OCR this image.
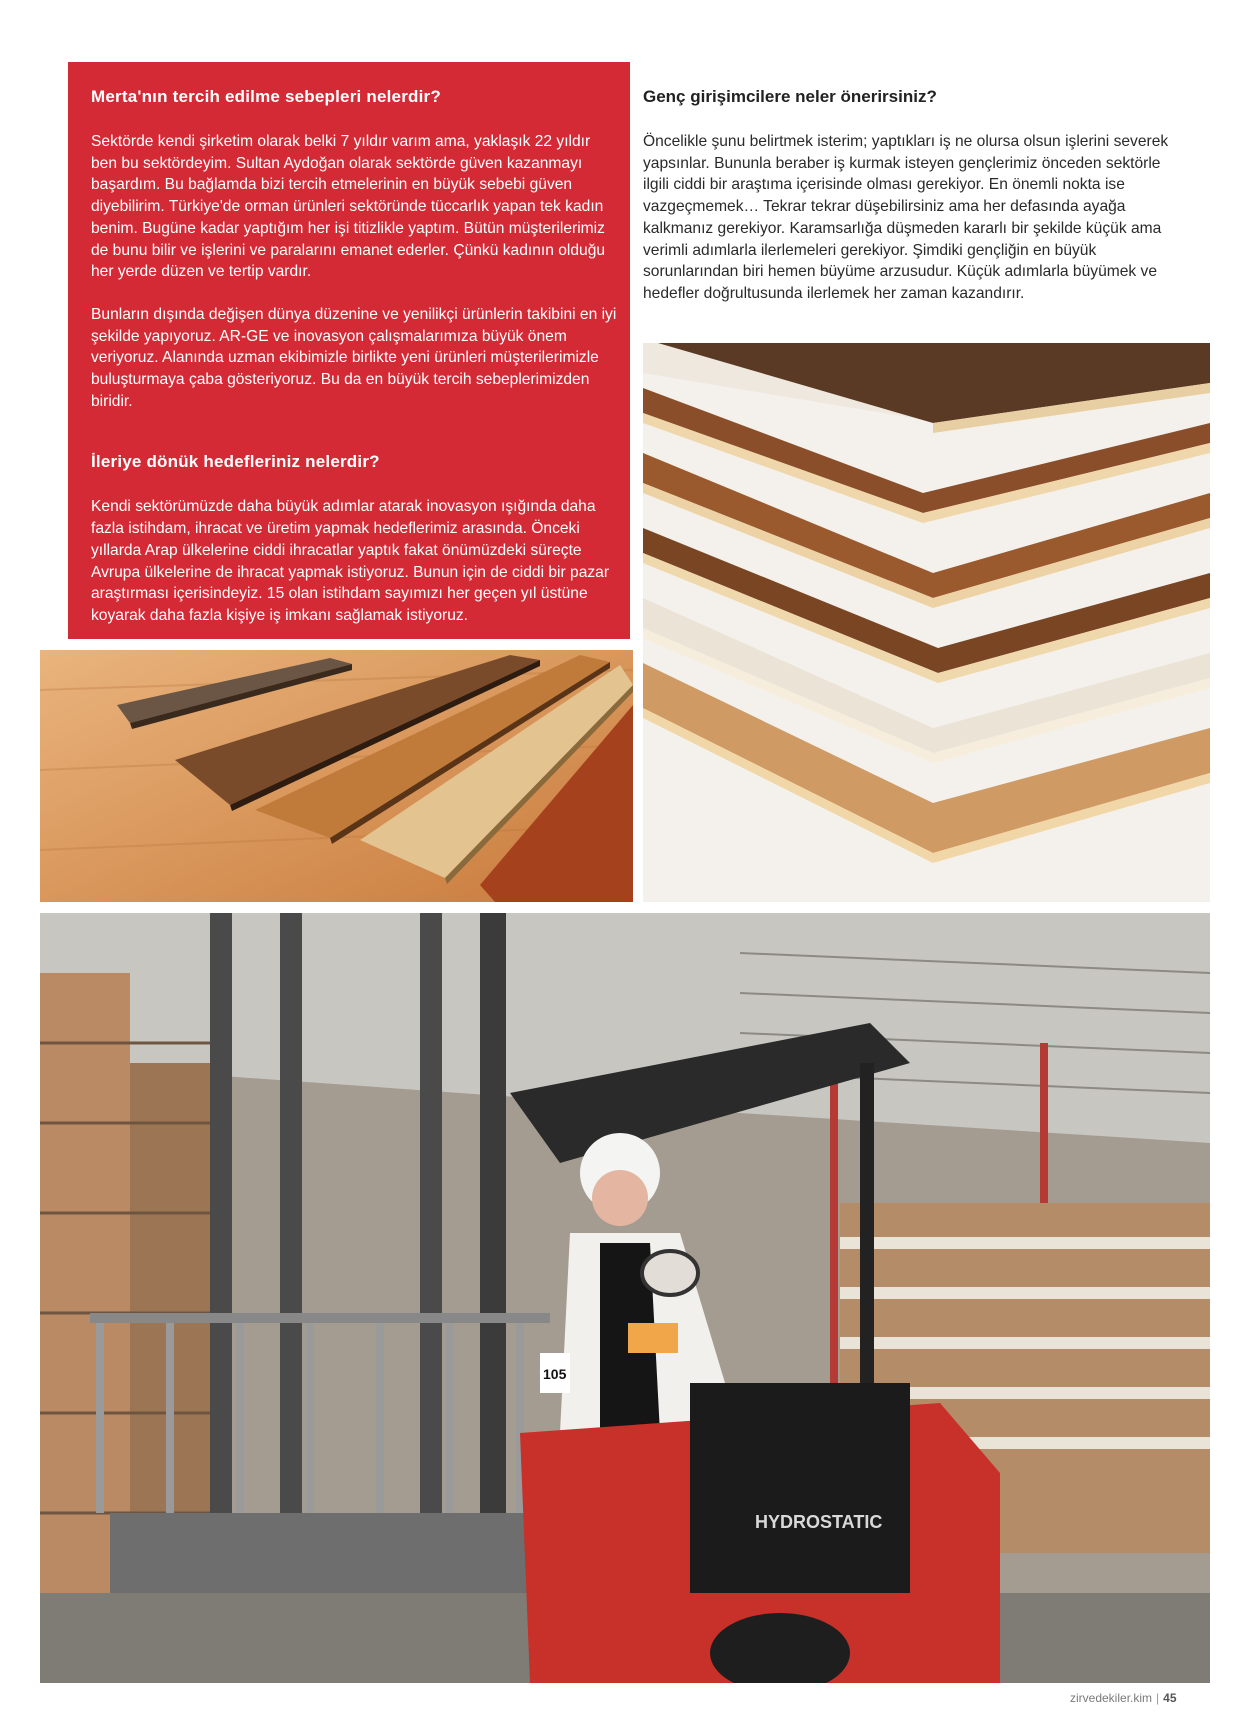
Merta'nın tercih edilme sebepleri nelerdir?

Sektörde kendi şirketim olarak belki 7 yıldır varım ama, yaklaşık 22 yıldır ben bu sektördeyim. Sultan Aydoğan olarak sektörde güven kazanmayı başardım. Bu bağlamda bizi tercih etmelerinin en büyük sebebi güven diyebilirim. Türkiye'de orman ürünleri sektöründe tüccarlık yapan tek kadın benim. Bugüne kadar yaptığım her işi titizlikle yaptım. Bütün müşterilerimiz de bunu bilir ve işlerini ve paralarını emanet ederler. Çünkü kadının olduğu her yerde düzen ve tertip vardır.

Bunların dışında değişen dünya düzenine ve yenilikçi ürünlerin takibini en iyi şekilde yapıyoruz. AR-GE ve inovasyon çalışmalarımıza büyük önem veriyoruz. Alanında uzman ekibimizle birlikte yeni ürünleri müşterilerimizle buluşturmaya çaba gösteriyoruz. Bu da en büyük tercih sebeplerimizden biridir.

İleriye dönük hedefleriniz nelerdir?

Kendi sektörümüzde daha büyük adımlar atarak inovasyon ışığında daha fazla istihdam, ihracat ve üretim yapmak hedeflerimiz arasında. Önceki yıllarda Arap ülkelerine ciddi ihracatlar yaptık fakat önümüzdeki süreçte Avrupa ülkelerine de ihracat yapmak istiyoruz. Bunun için de ciddi bir pazar araştırması içerisindeyiz. 15 olan istihdam sayımızı her geçen yıl üstüne koyarak daha fazla kişiye iş imkanı sağlamak istiyoruz.

Genç girişimcilere neler önerirsiniz?

Öncelikle şunu belirtmek isterim; yaptıkları iş ne olursa olsun işlerini severek yapsınlar. Bununla beraber iş kurmak isteyen gençlerimiz önceden sektörle ilgili ciddi bir araştıma içerisinde olması gerekiyor. En önemli nokta ise vazgeçmemek… Tekrar tekrar düşebilirsiniz ama her defasında ayağa kalkmanız gerekiyor. Karamsarlığa düşmeden kararlı bir şekilde küçük ama verimli adımlarla ilerlemeleri gerekiyor. Şimdiki gençliğin en büyük sorunlarından biri hemen büyüme arzusudur. Küçük adımlarla büyümek ve hedefler doğrultusunda ilerlemek her zaman kazandırır.

HYDROSTATIC
105
zirvedekiler.kim | 45
